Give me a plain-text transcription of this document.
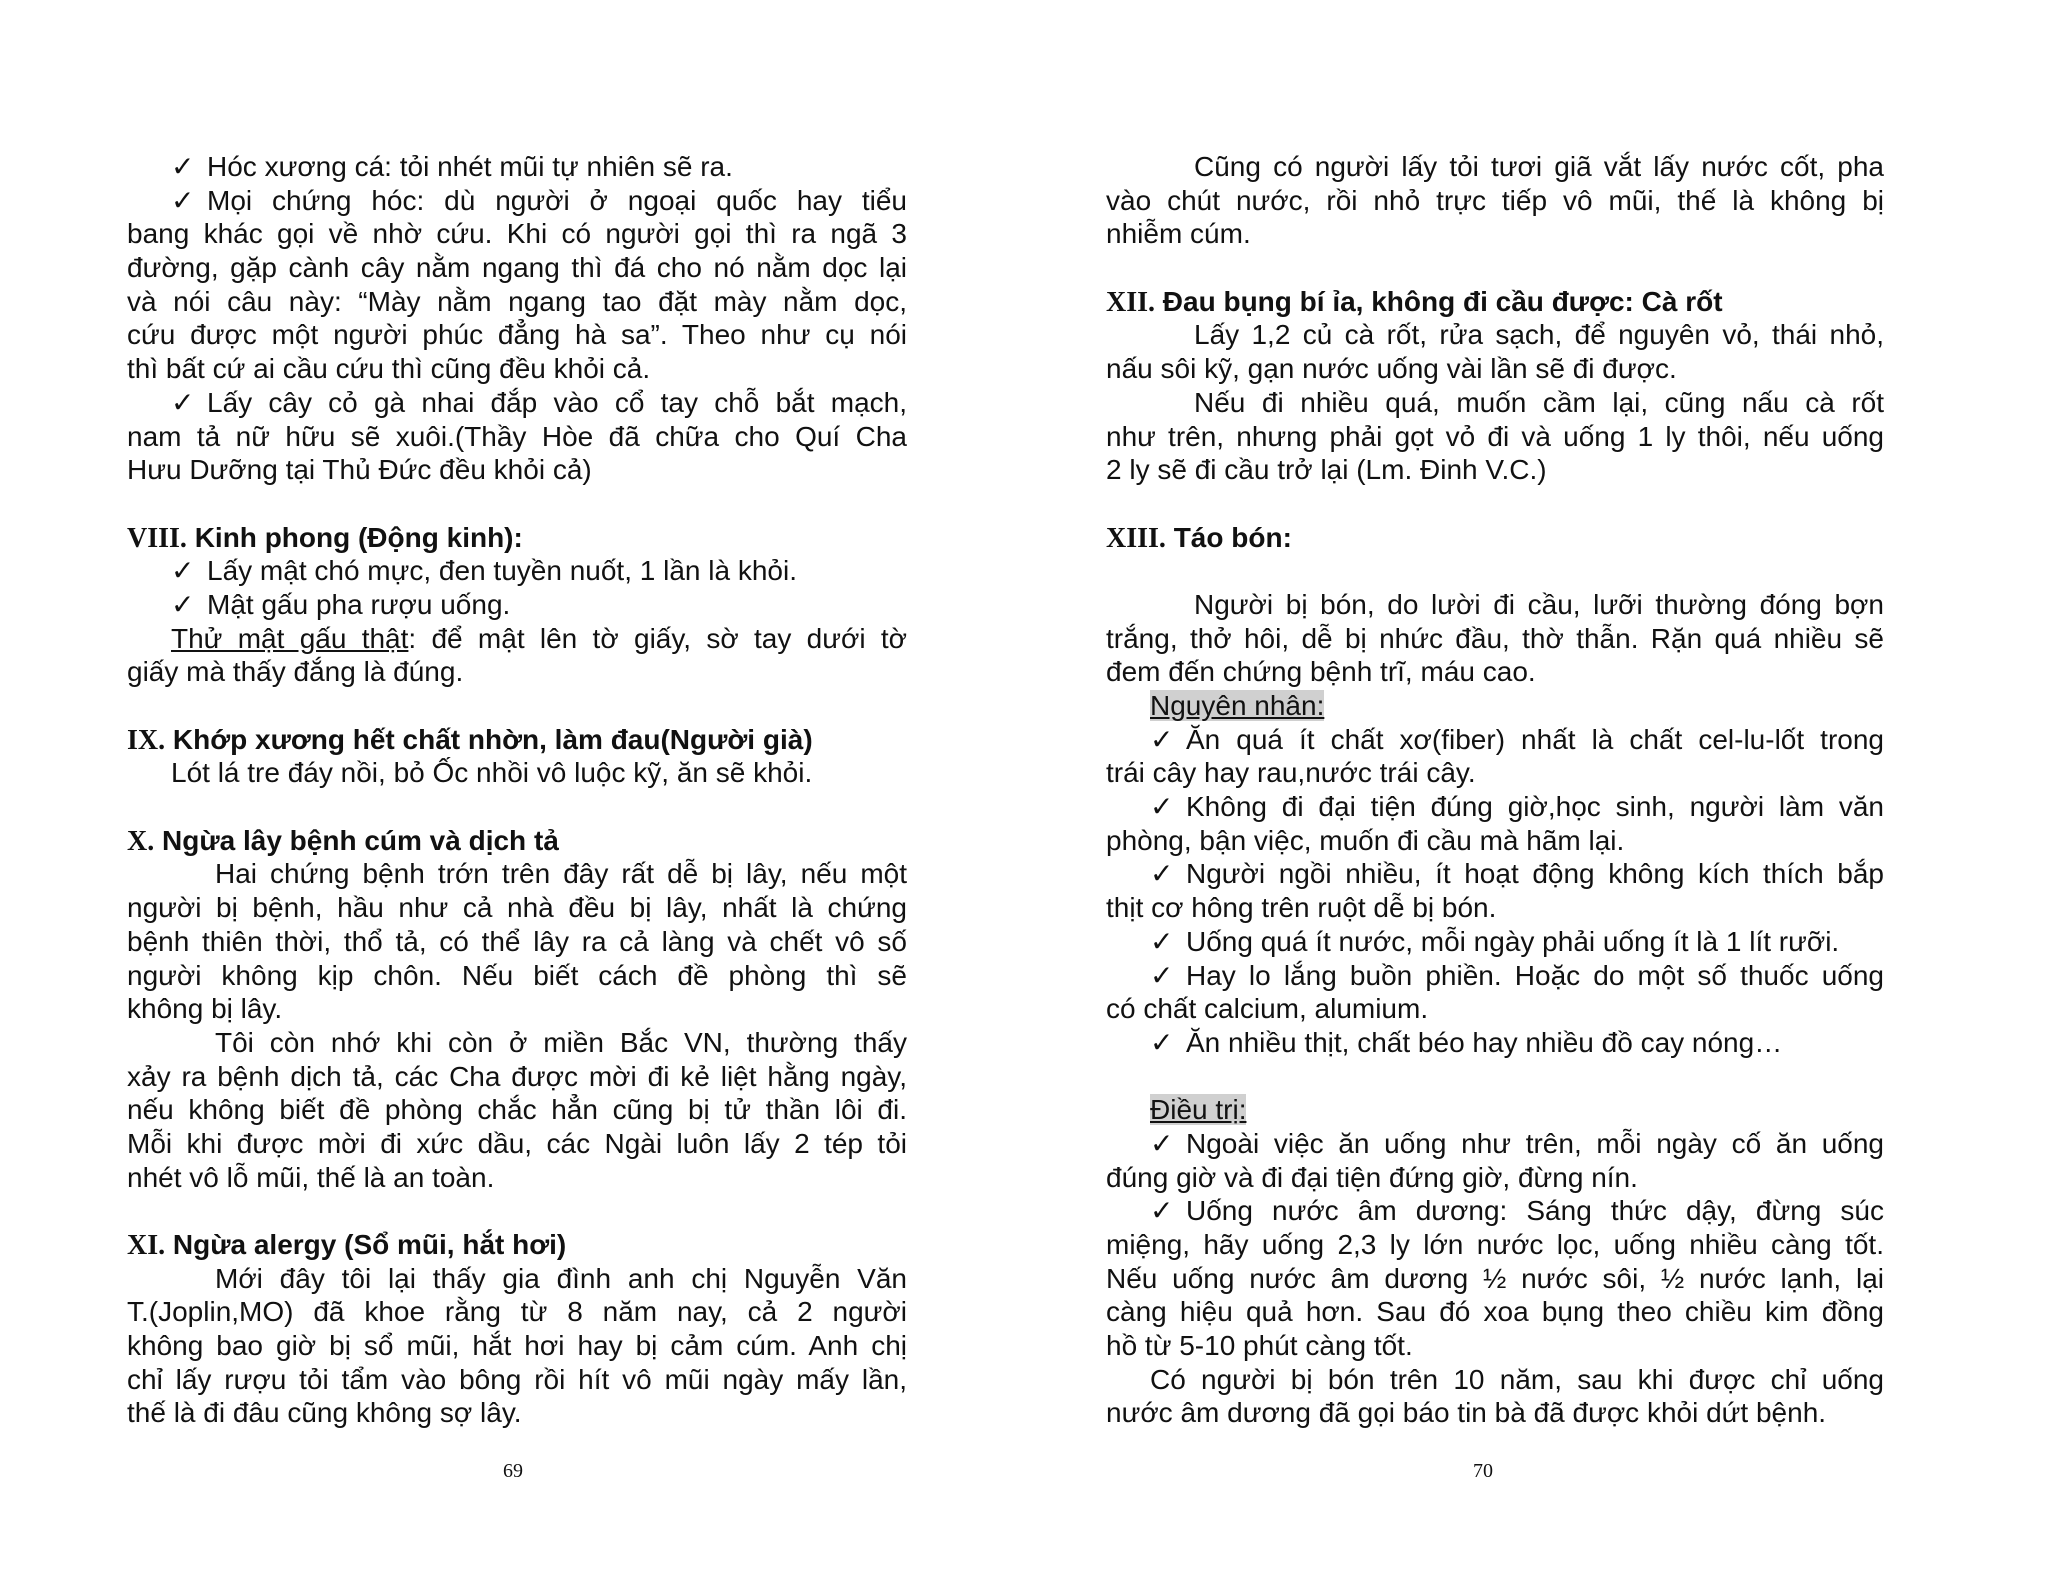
✓ Hóc xương cá: tỏi nhét mũi tự nhiên sẽ ra.
✓ Mọi chứng hóc: dù người ở ngoại quốc hay tiểu
bang khác gọi về nhờ cứu. Khi có người gọi thì ra ngã 3
đường, gặp cành cây nằm ngang thì đá cho nó nằm dọc lại
và nói câu này: “Mày nằm ngang tao đặt mày nằm dọc,
cứu được một người phúc đẳng hà sa”. Theo như cụ nói
thì bất cứ ai cầu cứu thì cũng đều khỏi cả.
✓ Lấy cây cỏ gà nhai đắp vào cổ tay chỗ bắt mạch,
nam tả nữ hữu sẽ xuôi.(Thầy Hòe đã chữa cho Quí Cha
Hưu Dưỡng tại Thủ Đức đều khỏi cả)
VIII. Kinh phong (Động kinh):
✓ Lấy mật chó mực, đen tuyền nuốt, 1 lần là khỏi.
✓ Mật gấu pha rượu uống.
Thử mật gấu thật: để mật lên tờ giấy, sờ tay dưới tờ
giấy mà thấy đắng là đúng.
IX. Khớp xương hết chất nhờn, làm đau(Người già)
Lót lá tre đáy nồi, bỏ Ốc nhồi vô luộc kỹ, ăn sẽ khỏi.
X. Ngừa lây bệnh cúm và dịch tả
Hai chứng bệnh trớn trên đây rất dễ bị lây, nếu một
người bị bệnh, hầu như cả nhà đều bị lây, nhất là chứng
bệnh thiên thời, thổ tả, có thể lây ra cả làng và chết vô số
người không kịp chôn. Nếu biết cách đề phòng thì sẽ
không bị lây.
Tôi còn nhớ khi còn ở miền Bắc VN, thường thấy
xảy ra bệnh dịch tả, các Cha được mời đi kẻ liệt hằng ngày,
nếu không biết đề phòng chắc hẳn cũng bị tử thần lôi đi.
Mỗi khi được mời đi xức dầu, các Ngài luôn lấy 2 tép tỏi
nhét vô lỗ mũi, thế là an toàn.
XI. Ngừa alergy (Sổ mũi, hắt hơi)
Mới đây tôi lại thấy gia đình anh chị Nguyễn Văn
T.(Joplin,MO) đã khoe rằng từ 8 năm nay, cả 2 người
không bao giờ bị sổ mũi, hắt hơi hay bị cảm cúm. Anh chị
chỉ lấy rượu tỏi tẩm vào bông rồi hít vô mũi ngày mấy lần,
thế là đi đâu cũng không sợ lây.
69
Cũng có người lấy tỏi tươi giã vắt lấy nước cốt, pha
vào chút nước, rồi nhỏ trực tiếp vô mũi, thế là không bị
nhiễm cúm.
XII. Đau bụng bí ỉa, không đi cầu được: Cà rốt
Lấy 1,2 củ cà rốt, rửa sạch, để nguyên vỏ, thái nhỏ,
nấu sôi kỹ, gạn nước uống vài lần sẽ đi được.
Nếu đi nhiều quá, muốn cầm lại, cũng nấu cà rốt
như trên, nhưng phải gọt vỏ đi và uống 1 ly thôi, nếu uống
2 ly sẽ đi cầu trở lại (Lm. Đinh V.C.)
XIII. Táo bón:
Người bị bón, do lười đi cầu, lưỡi thường đóng bợn
trắng, thở hôi, dễ bị nhức đầu, thờ thẫn. Rặn quá nhiều sẽ
đem đến chứng bệnh trĩ, máu cao.
Nguyên nhân:
✓ Ăn quá ít chất xơ(fiber) nhất là chất cel-lu-lốt trong
trái cây hay rau,nước trái cây.
✓ Không đi đại tiện đúng giờ,học sinh, người làm văn
phòng, bận việc, muốn đi cầu mà hãm lại.
✓ Người ngồi nhiều, ít hoạt động không kích thích bắp
thịt cơ hông trên ruột dễ bị bón.
✓ Uống quá ít nước, mỗi ngày phải uống ít là 1 lít rưỡi.
✓ Hay lo lắng buồn phiền. Hoặc do một số thuốc uống
có chất calcium, alumium.
✓ Ăn nhiều thịt, chất béo hay nhiều đồ cay nóng…
Điều trị:
✓ Ngoài việc ăn uống như trên, mỗi ngày cố ăn uống
đúng giờ và đi đại tiện đứng giờ, đừng nín.
✓ Uống nước âm dương: Sáng thức dậy, đừng súc
miệng, hãy uống 2,3 ly lớn nước lọc, uống nhiều càng tốt.
Nếu uống nước âm dương ½ nước sôi, ½ nước lạnh, lại
càng hiệu quả hơn. Sau đó xoa bụng theo chiều kim đồng
hồ từ 5-10 phút càng tốt.
Có người bị bón trên 10 năm, sau khi được chỉ uống
nước âm dương đã gọi báo tin bà đã được khỏi dứt bệnh.
70
